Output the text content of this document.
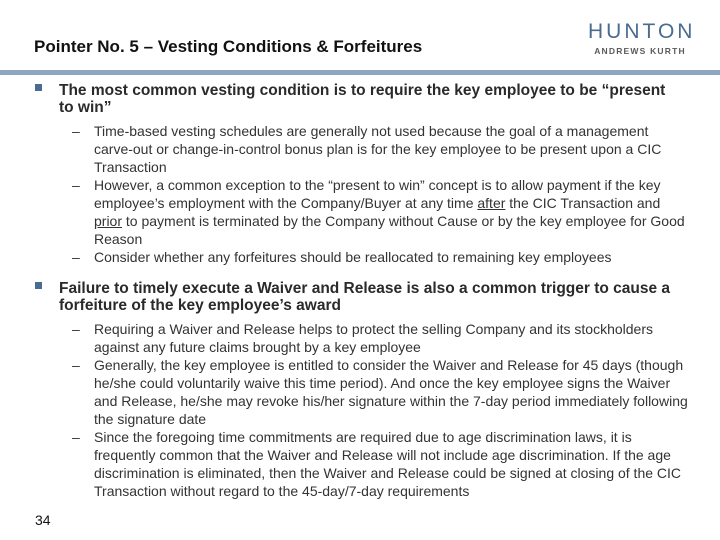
Pointer No. 5 – Vesting Conditions & Forfeitures
HUNTON
ANDREWS KURTH
The most common vesting condition is to require the key employee to be “present to win”
– Time-based vesting schedules are generally not used because the goal of a management carve-out or change-in-control bonus plan is for the key employee to be present upon a CIC Transaction
– However, a common exception to the “present to win” concept is to allow payment if the key employee’s employment with the Company/Buyer at any time after the CIC Transaction and prior to payment is terminated by the Company without Cause or by the key employee for Good Reason
– Consider whether any forfeitures should be reallocated to remaining key employees
Failure to timely execute a Waiver and Release is also a common trigger to cause a forfeiture of the key employee’s award
– Requiring a Waiver and Release helps to protect the selling Company and its stockholders against any future claims brought by a key employee
– Generally, the key employee is entitled to consider the Waiver and Release for 45 days (though he/she could voluntarily waive this time period). And once the key employee signs the Waiver and Release, he/she may revoke his/her signature within the 7-day period immediately following the signature date
– Since the foregoing time commitments are required due to age discrimination laws, it is frequently common that the Waiver and Release will not include age discrimination. If the age discrimination is eliminated, then the Waiver and Release could be signed at closing of the CIC Transaction without regard to the 45-day/7-day requirements
34
